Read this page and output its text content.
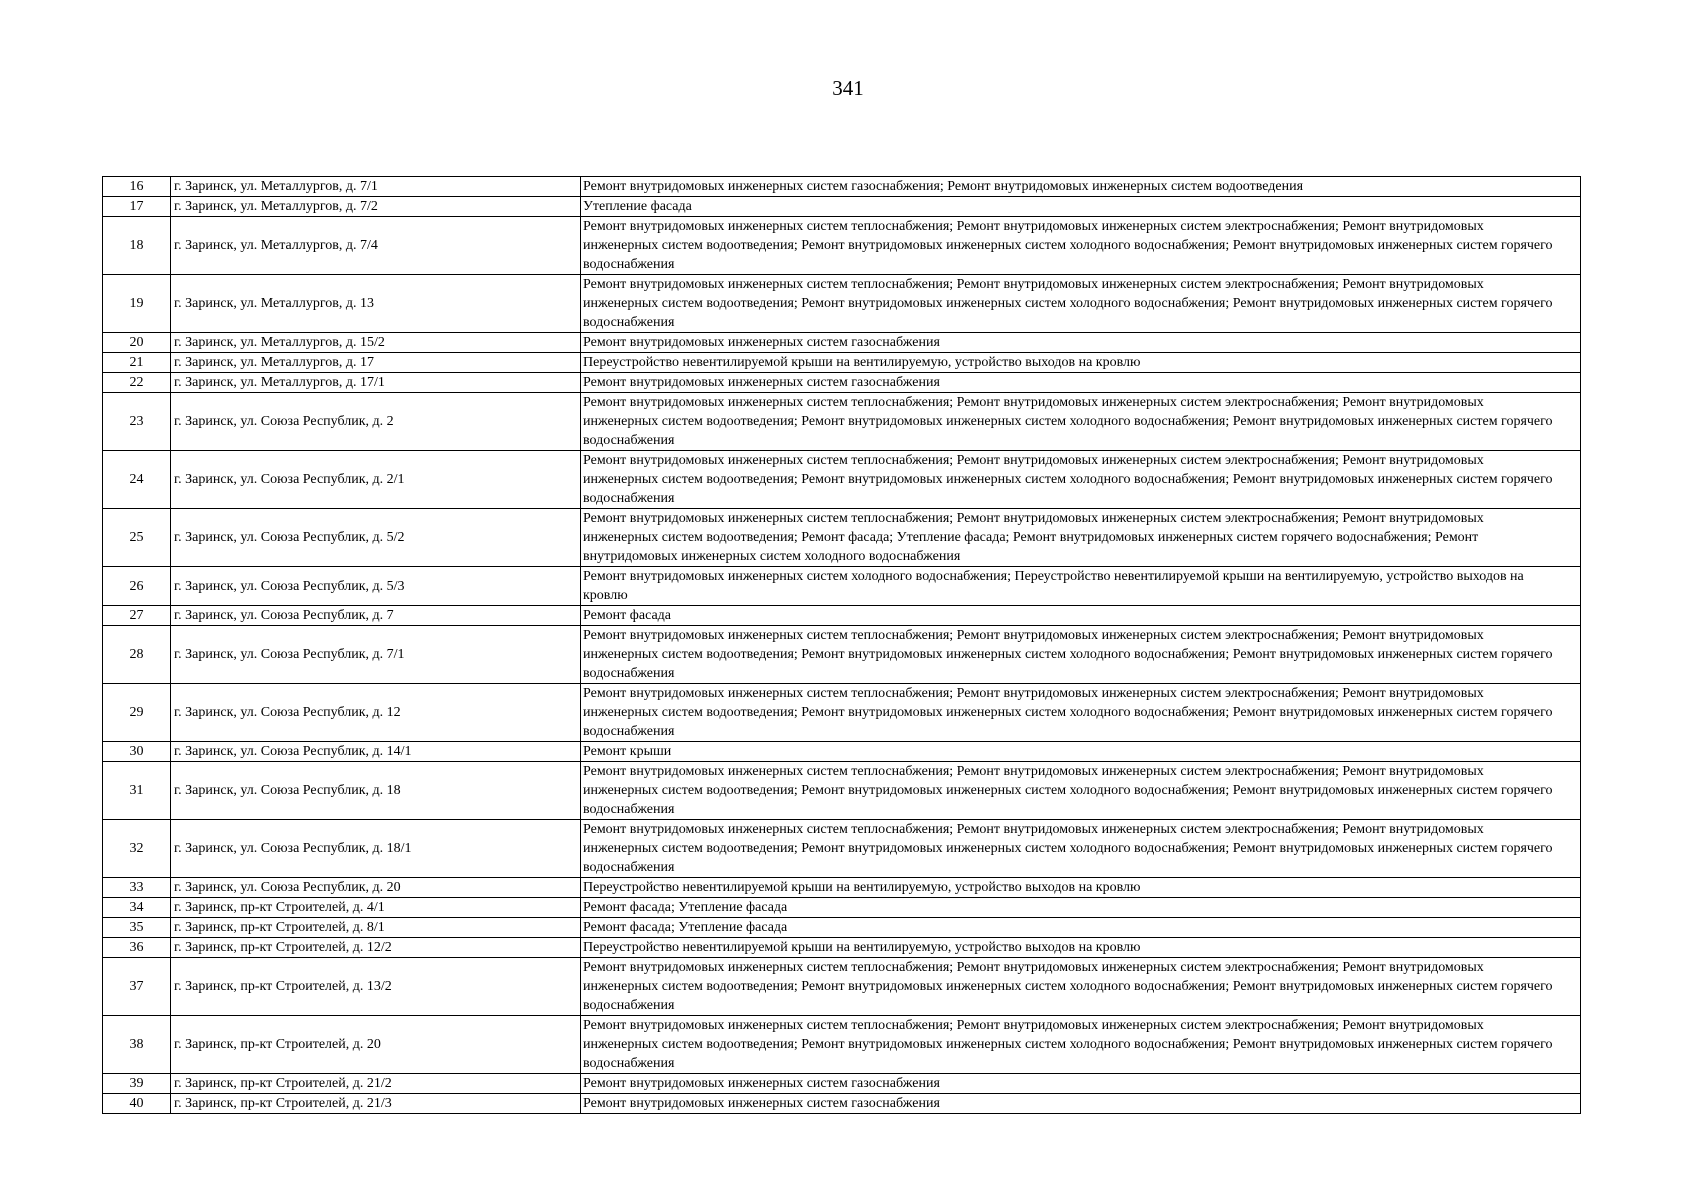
341
16	г. Заринск, ул. Металлургов, д. 7/1	Ремонт внутридомовых инженерных систем газоснабжения; Ремонт внутридомовых инженерных систем водоотведения
17	г. Заринск, ул. Металлургов, д. 7/2	Утепление фасада
18	г. Заринск, ул. Металлургов, д. 7/4	Ремонт внутридомовых инженерных систем теплоснабжения; Ремонт внутридомовых инженерных систем электроснабжения; Ремонт внутридомовых инженерных систем водоотведения; Ремонт внутридомовых инженерных систем холодного водоснабжения; Ремонт внутридомовых инженерных систем горячего водоснабжения
19	г. Заринск, ул. Металлургов, д. 13	Ремонт внутридомовых инженерных систем теплоснабжения; Ремонт внутридомовых инженерных систем электроснабжения; Ремонт внутридомовых инженерных систем водоотведения; Ремонт внутридомовых инженерных систем холодного водоснабжения; Ремонт внутридомовых инженерных систем горячего водоснабжения
20	г. Заринск, ул. Металлургов, д. 15/2	Ремонт внутридомовых инженерных систем газоснабжения
21	г. Заринск, ул. Металлургов, д. 17	Переустройство невентилируемой крыши на вентилируемую, устройство выходов на кровлю
22	г. Заринск, ул. Металлургов, д. 17/1	Ремонт внутридомовых инженерных систем газоснабжения
23	г. Заринск, ул. Союза Республик, д. 2	Ремонт внутридомовых инженерных систем теплоснабжения; Ремонт внутридомовых инженерных систем электроснабжения; Ремонт внутридомовых инженерных систем водоотведения; Ремонт внутридомовых инженерных систем холодного водоснабжения; Ремонт внутридомовых инженерных систем горячего водоснабжения
24	г. Заринск, ул. Союза Республик, д. 2/1	Ремонт внутридомовых инженерных систем теплоснабжения; Ремонт внутридомовых инженерных систем электроснабжения; Ремонт внутридомовых инженерных систем водоотведения; Ремонт внутридомовых инженерных систем холодного водоснабжения; Ремонт внутридомовых инженерных систем горячего водоснабжения
25	г. Заринск, ул. Союза Республик, д. 5/2	Ремонт внутридомовых инженерных систем теплоснабжения; Ремонт внутридомовых инженерных систем электроснабжения; Ремонт внутридомовых инженерных систем водоотведения; Ремонт фасада; Утепление фасада; Ремонт внутридомовых инженерных систем горячего водоснабжения; Ремонт внутридомовых инженерных систем холодного водоснабжения
26	г. Заринск, ул. Союза Республик, д. 5/3	Ремонт внутридомовых инженерных систем холодного водоснабжения; Переустройство невентилируемой крыши на вентилируемую, устройство выходов на кровлю
27	г. Заринск, ул. Союза Республик, д. 7	Ремонт фасада
28	г. Заринск, ул. Союза Республик, д. 7/1	Ремонт внутридомовых инженерных систем теплоснабжения; Ремонт внутридомовых инженерных систем электроснабжения; Ремонт внутридомовых инженерных систем водоотведения; Ремонт внутридомовых инженерных систем холодного водоснабжения; Ремонт внутридомовых инженерных систем горячего водоснабжения
29	г. Заринск, ул. Союза Республик, д. 12	Ремонт внутридомовых инженерных систем теплоснабжения; Ремонт внутридомовых инженерных систем электроснабжения; Ремонт внутридомовых инженерных систем водоотведения; Ремонт внутридомовых инженерных систем холодного водоснабжения; Ремонт внутридомовых инженерных систем горячего водоснабжения
30	г. Заринск, ул. Союза Республик, д. 14/1	Ремонт крыши
31	г. Заринск, ул. Союза Республик, д. 18	Ремонт внутридомовых инженерных систем теплоснабжения; Ремонт внутридомовых инженерных систем электроснабжения; Ремонт внутридомовых инженерных систем водоотведения; Ремонт внутридомовых инженерных систем холодного водоснабжения; Ремонт внутридомовых инженерных систем горячего водоснабжения
32	г. Заринск, ул. Союза Республик, д. 18/1	Ремонт внутридомовых инженерных систем теплоснабжения; Ремонт внутридомовых инженерных систем электроснабжения; Ремонт внутридомовых инженерных систем водоотведения; Ремонт внутридомовых инженерных систем холодного водоснабжения; Ремонт внутридомовых инженерных систем горячего водоснабжения
33	г. Заринск, ул. Союза Республик, д. 20	Переустройство невентилируемой крыши на вентилируемую, устройство выходов на кровлю
34	г. Заринск, пр-кт Строителей, д. 4/1	Ремонт фасада; Утепление фасада
35	г. Заринск, пр-кт Строителей, д. 8/1	Ремонт фасада; Утепление фасада
36	г. Заринск, пр-кт Строителей, д. 12/2	Переустройство невентилируемой крыши на вентилируемую, устройство выходов на кровлю
37	г. Заринск, пр-кт Строителей, д. 13/2	Ремонт внутридомовых инженерных систем теплоснабжения; Ремонт внутридомовых инженерных систем электроснабжения; Ремонт внутридомовых инженерных систем водоотведения; Ремонт внутридомовых инженерных систем холодного водоснабжения; Ремонт внутридомовых инженерных систем горячего водоснабжения
38	г. Заринск, пр-кт Строителей, д. 20	Ремонт внутридомовых инженерных систем теплоснабжения; Ремонт внутридомовых инженерных систем электроснабжения; Ремонт внутридомовых инженерных систем водоотведения; Ремонт внутридомовых инженерных систем холодного водоснабжения; Ремонт внутридомовых инженерных систем горячего водоснабжения
39	г. Заринск, пр-кт Строителей, д. 21/2	Ремонт внутридомовых инженерных систем газоснабжения
40	г. Заринск, пр-кт Строителей, д. 21/3	Ремонт внутридомовых инженерных систем газоснабжения
